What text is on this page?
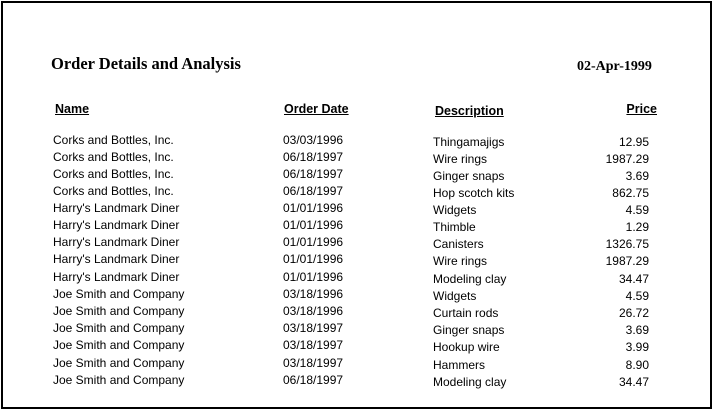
Order Details and Analysis	02-Apr-1999
Name	Order Date	Description	Price
Corks and Bottles, Inc.	03/03/1996	Thingamajigs	12.95
Corks and Bottles, Inc.	06/18/1997	Wire rings	1987.29
Corks and Bottles, Inc.	06/18/1997	Ginger snaps	3.69
Corks and Bottles, Inc.	06/18/1997	Hop scotch kits	862.75
Harry's Landmark Diner	01/01/1996	Widgets	4.59
Harry's Landmark Diner	01/01/1996	Thimble	1.29
Harry's Landmark Diner	01/01/1996	Canisters	1326.75
Harry's Landmark Diner	01/01/1996	Wire rings	1987.29
Harry's Landmark Diner	01/01/1996	Modeling clay	34.47
Joe Smith and Company	03/18/1996	Widgets	4.59
Joe Smith and Company	03/18/1996	Curtain rods	26.72
Joe Smith and Company	03/18/1997	Ginger snaps	3.69
Joe Smith and Company	03/18/1997	Hookup wire	3.99
Joe Smith and Company	03/18/1997	Hammers	8.90
Joe Smith and Company	06/18/1997	Modeling clay	34.47
